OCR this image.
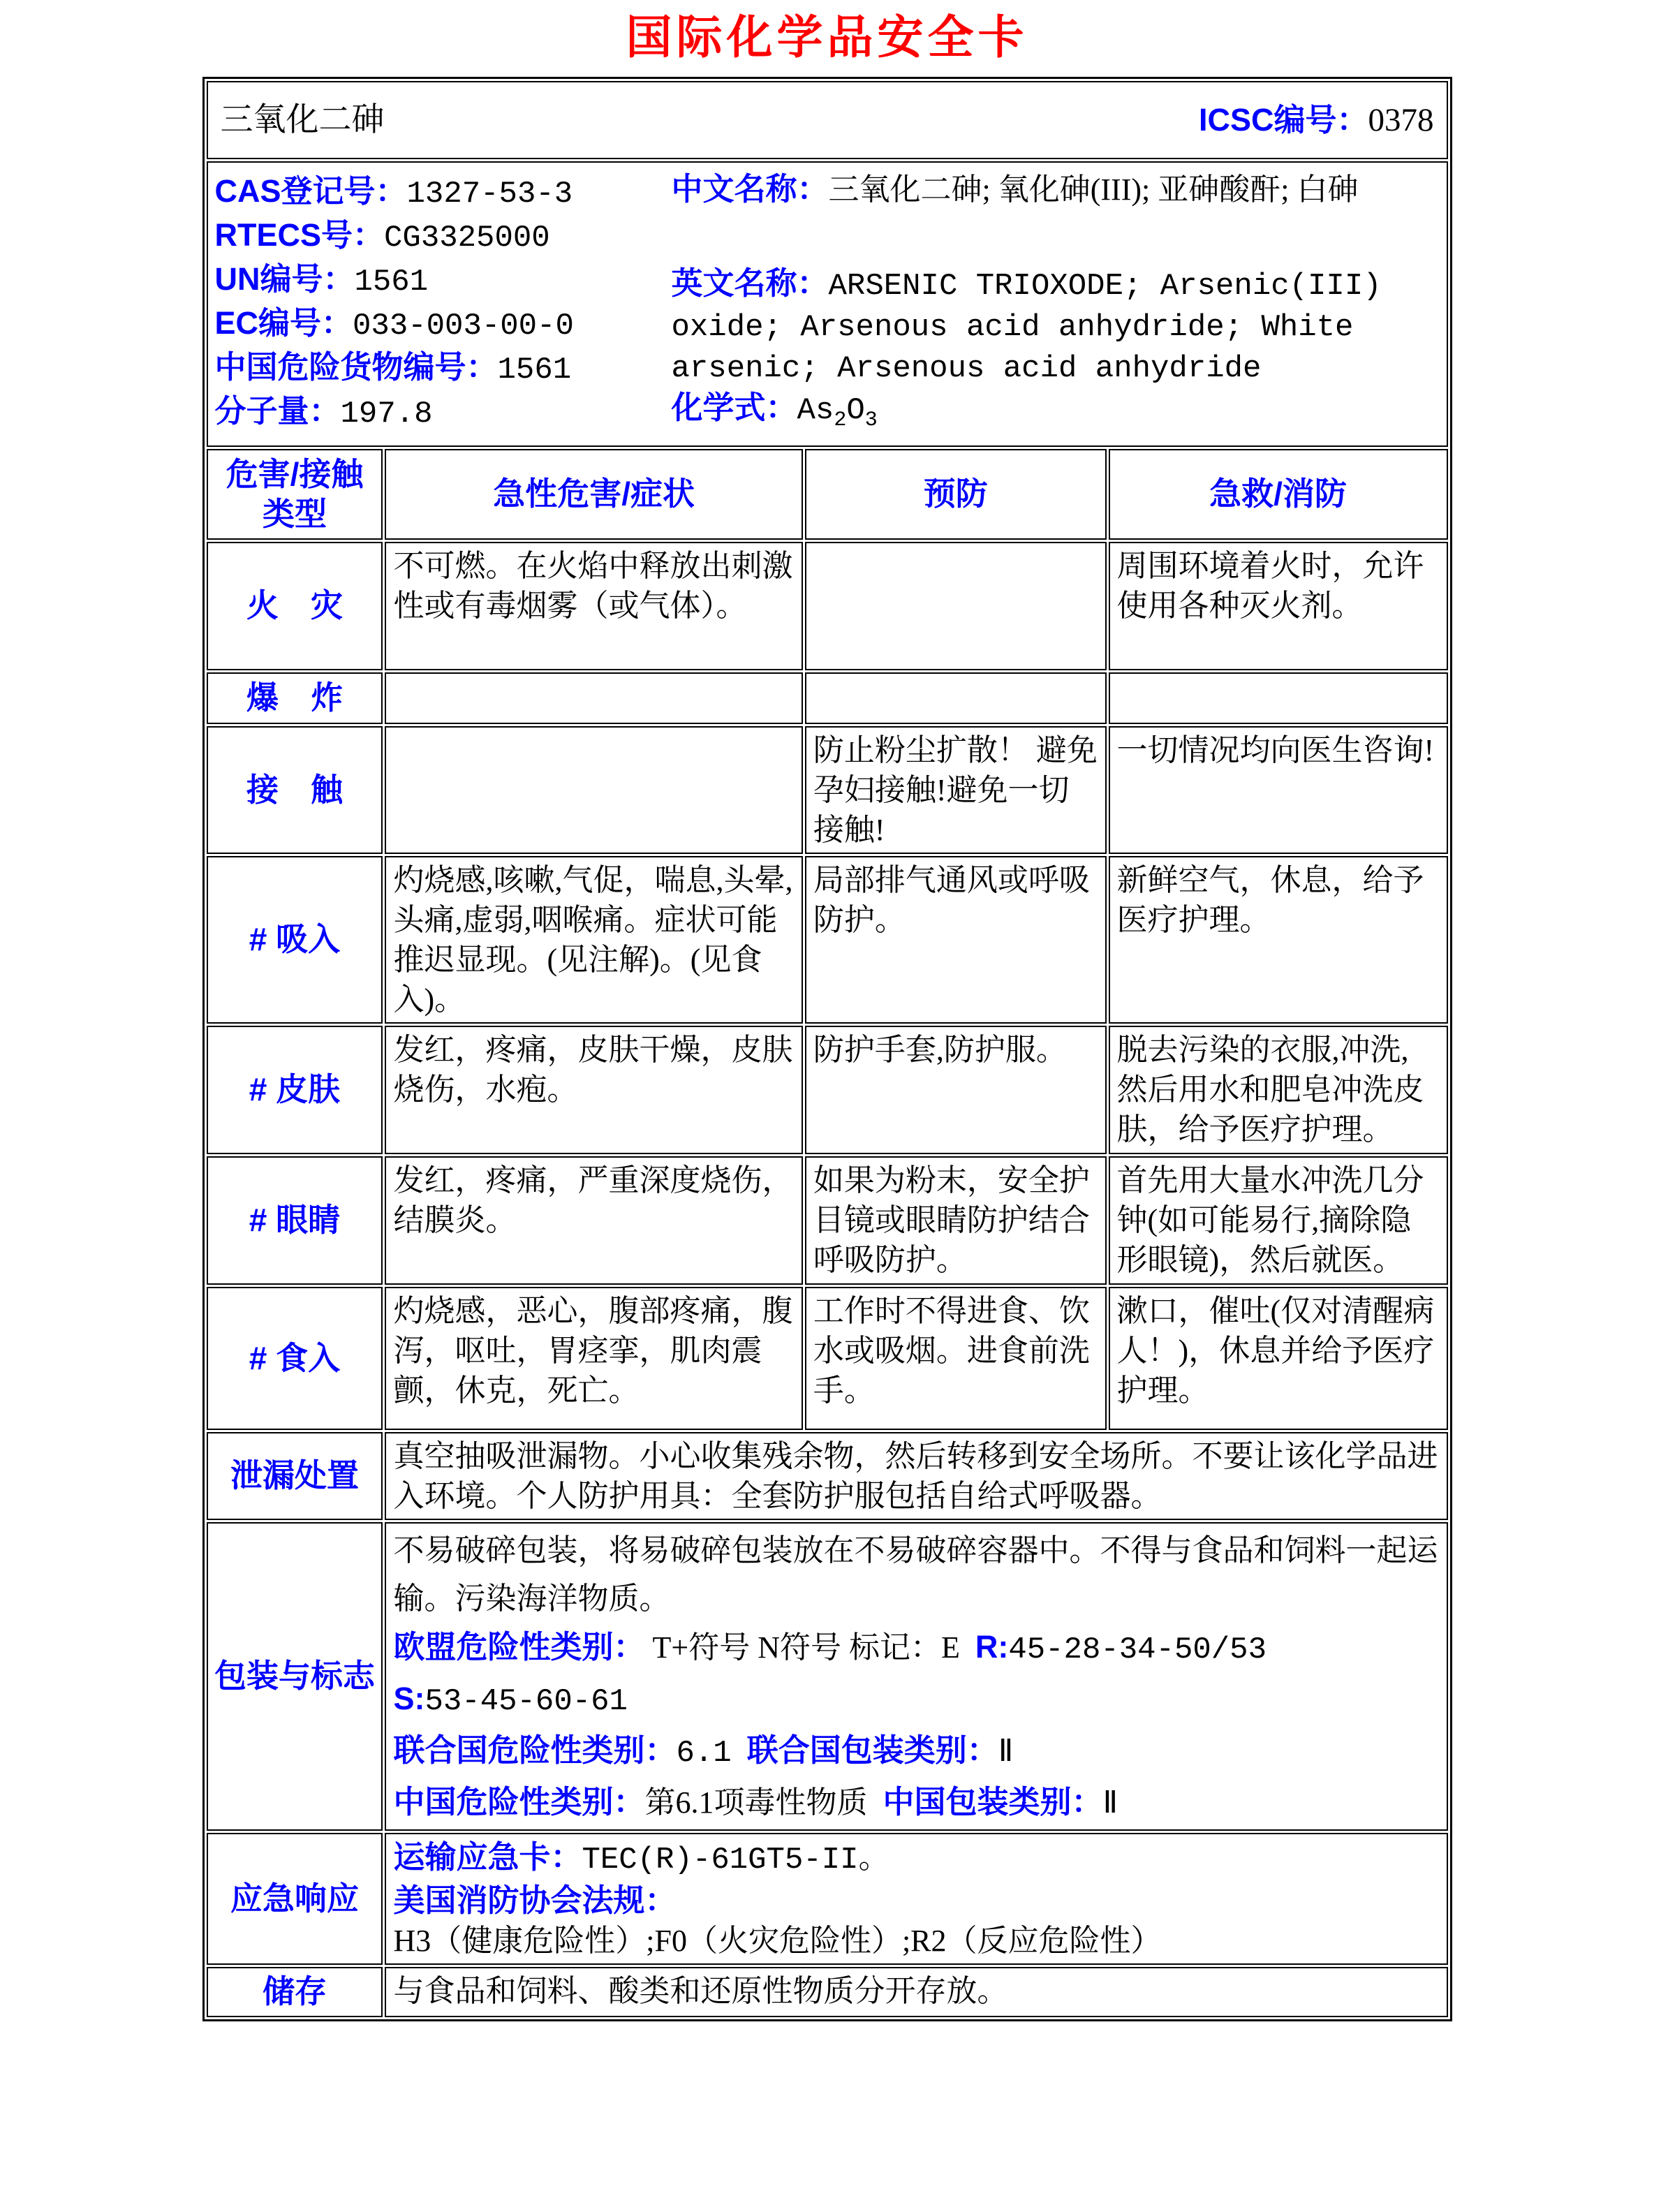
国际化学品安全卡
三氧化二砷 ICSC编号：0378			

CAS登记号：1327-53-3
RTECS号：CG3325000
UN编号：1561
EC编号：033-003-00-0
中国危险货物编号：1561
分子量：197.8

中文名称：三氧化二砷; 氧化砷(III); 亚砷酸酐; 白砷

英文名称：ARSENIC TRIOXODE; Arsenic(III) oxide; Arsenous acid anhydride; White arsenic; Arsenous acid anhydride

化学式：$As_2O_3$

危害/接触类型	急性危害/症状	预防	急救/消防
火　灾	不可燃。在火焰中释放出刺激性或有毒烟雾（或气体）。		周围环境着火时，允许使用各种灭火剂。
爆　炸			
接　触		防止粉尘扩散！ 避免孕妇接触!避免一切接触!	一切情况均向医生咨询!
# 吸入	灼烧感,咳嗽,气促，喘息,头晕,头痛,虚弱,咽喉痛。症状可能推迟显现。(见注解)。(见食入)。	局部排气通风或呼吸防护。	新鲜空气，休息，给予医疗护理。
# 皮肤	发红，疼痛，皮肤干燥，皮肤烧伤，水疱。	防护手套,防护服。	脱去污染的衣服,冲洗,然后用水和肥皂冲洗皮肤，给予医疗护理。
# 眼睛	发红，疼痛，严重深度烧伤，结膜炎。	如果为粉末，安全护目镜或眼睛防护结合呼吸防护。	首先用大量水冲洗几分钟(如可能易行,摘除隐形眼镜)，然后就医。
# 食入	灼烧感，恶心，腹部疼痛，腹泻，呕吐，胃痉挛，肌肉震颤，休克，死亡。	工作时不得进食、饮水或吸烟。进食前洗手。	漱口，催吐(仅对清醒病人！)，休息并给予医疗护理。
泄漏处置	真空抽吸泄漏物。小心收集残余物，然后转移到安全场所。不要让该化学品进入环境。个人防护用具：全套防护服包括自给式呼吸器。		
包装与标志	不易破碎包装，将易破碎包装放在不易破碎容器中。不得与食品和饲料一起运输。污染海洋物质。

欧盟危险性类别： T+符号 N符号 标记：E R:45-28-34-50/53

S:53-45-60-61

联合国危险性类别：6.1 联合国包装类别：Ⅱ

中国危险性类别：第6.1项毒性物质 中国包装类别：Ⅱ		

应急响应	运输应急卡：TEC(R)-61GT5-II。

美国消防协会法规：H3（健康危险性）;F0（火灾危险性）;R2（反应危险性）		

储存	与食品和饲料、酸类和还原性物质分开存放。		
